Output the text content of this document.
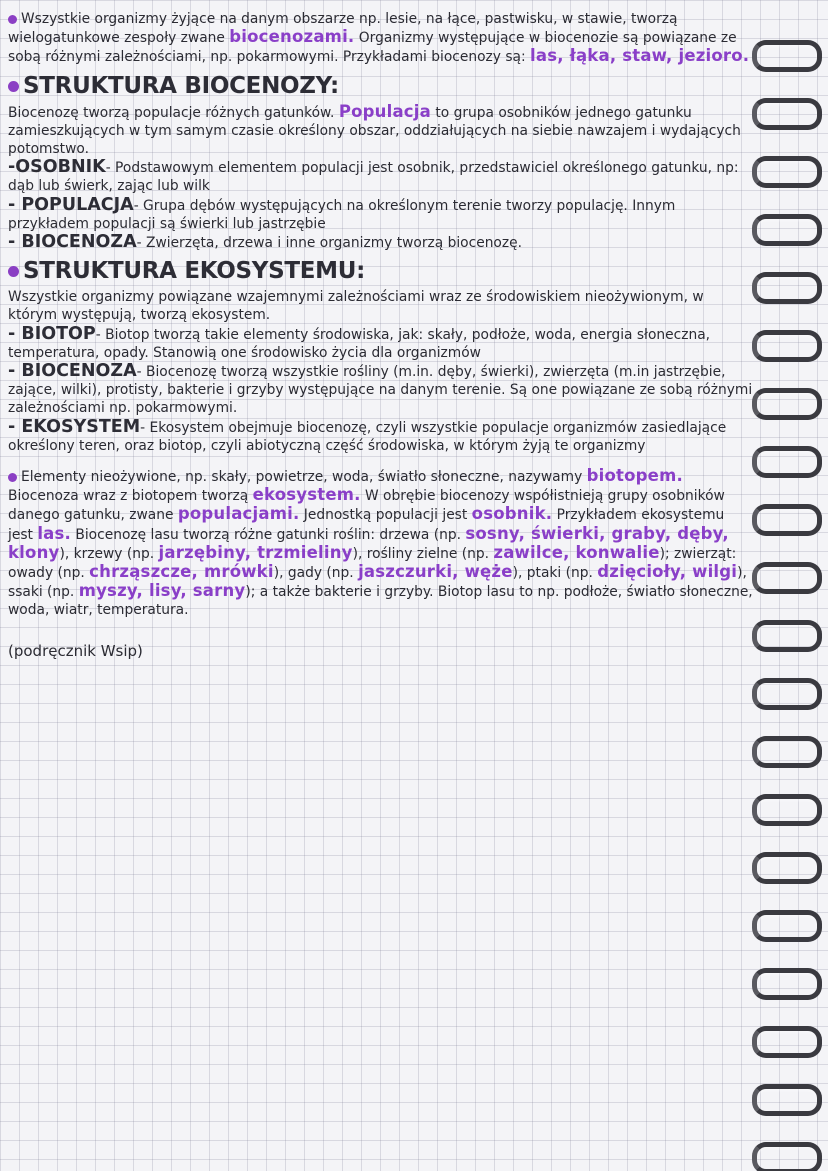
Wszystkie organizmy żyjące na danym obszarze np. lesie, na łące, pastwisku, w stawie, tworzą wielogatunkowe zespoły zwane biocenozami. Organizmy występujące w biocenozie są powiązane ze sobą różnymi zależnościami, np. pokarmowymi. Przykładami biocenozy są: las, łąka, staw, jezioro.

STRUKTURA BIOCENOZY:

Biocenozę tworzą populacje różnych gatunków. Populacja to grupa osobników jednego gatunku zamieszkujących w tym samym czasie określony obszar, oddziałujących na siebie nawzajem i wydających potomstwo.

-OSOBNIK- Podstawowym elementem populacji jest osobnik, przedstawiciel określonego gatunku, np: dąb lub świerk, zając lub wilk

- POPULACJA- Grupa dębów występujących na określonym terenie tworzy populację. Innym przykładem populacji są świerki lub jastrzębie

- BIOCENOZA- Zwierzęta, drzewa i inne organizmy tworzą biocenozę.

STRUKTURA EKOSYSTEMU:

Wszystkie organizmy powiązane wzajemnymi zależnościami wraz ze środowiskiem nieożywionym, w którym występują, tworzą ekosystem.

- BIOTOP- Biotop tworzą takie elementy środowiska, jak: skały, podłoże, woda, energia słoneczna, temperatura, opady. Stanowią one środowisko życia dla organizmów

- BIOCENOZA- Biocenozę tworzą wszystkie rośliny (m.in. dęby, świerki), zwierzęta (m.in jastrzębie, zające, wilki), protisty, bakterie i grzyby występujące na danym terenie. Są one powiązane ze sobą różnymi zależnościami np. pokarmowymi.

- EKOSYSTEM- Ekosystem obejmuje biocenozę, czyli wszystkie populacje organizmów zasiedlające określony teren, oraz biotop, czyli abiotyczną część środowiska, w którym żyją te organizmy

Elementy nieożywione, np. skały, powietrze, woda, światło słoneczne, nazywamy biotopem. Biocenoza wraz z biotopem tworzą ekosystem. W obrębie biocenozy współistnieją grupy osobników danego gatunku, zwane populacjami. Jednostką populacji jest osobnik. Przykładem ekosystemu jest las. Biocenozę lasu tworzą różne gatunki roślin: drzewa (np. sosny, świerki, graby, dęby, klony), krzewy (np. jarzębiny, trzmieliny), rośliny zielne (np. zawilce, konwalie); zwierząt: owady (np. chrząszcze, mrówki), gady (np. jaszczurki, węże), ptaki (np. dzięcioły, wilgi), ssaki (np. myszy, lisy, sarny); a także bakterie i grzyby. Biotop lasu to np. podłoże, światło słoneczne, woda, wiatr, temperatura.

(podręcznik Wsip)
